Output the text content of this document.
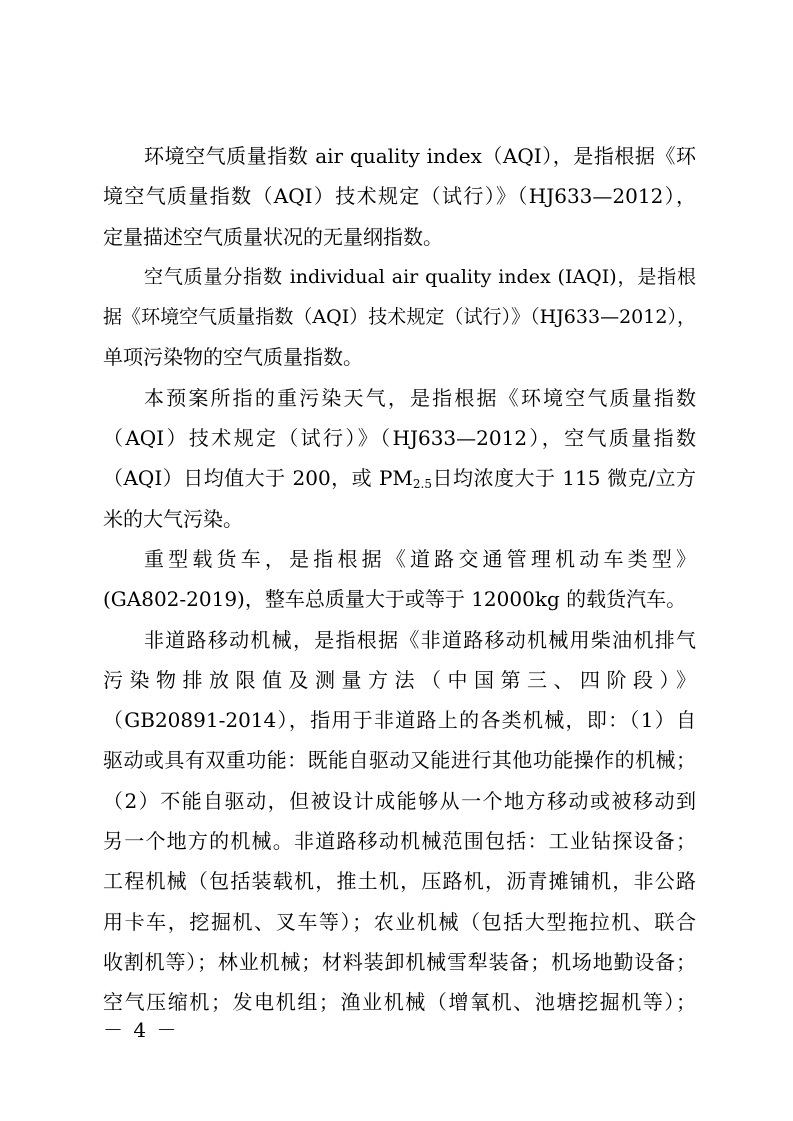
环境空气质量指数 air quality index（AQI），是指根据《环
境空气质量指数（AQI）技术规定（试行）》（HJ633—2012），
定量描述空气质量状况的无量纲指数。
空气质量分指数 individual air quality index (IAQI)，是指根
据《环境空气质量指数（AQI）技术规定（试行）》（HJ633—2012），
单项污染物的空气质量指数。
本预案所指的重污染天气，是指根据《环境空气质量指数
（AQI）技术规定（试行）》（HJ633—2012），空气质量指数
（AQI）日均值大于 200，或 $PM_{2.5}$日均浓度大于 115 微克/立方
米的大气污染。
重型载货车，是指根据《道路交通管理机动车类型》
(GA802-2019)，整车总质量大于或等于 12000kg 的载货汽车。
非道路移动机械，是指根据《非道路移动机械用柴油机排气
污染物排放限值及测量方法（中国第三、四阶段）》
（GB20891-2014），指用于非道路上的各类机械，即：（1）自
驱动或具有双重功能：既能自驱动又能进行其他功能操作的机械；
（2）不能自驱动，但被设计成能够从一个地方移动或被移动到
另一个地方的机械。非道路移动机械范围包括：工业钻探设备；
工程机械（包括装载机，推土机，压路机，沥青摊铺机，非公路
用卡车，挖掘机、叉车等）；农业机械（包括大型拖拉机、联合
收割机等）；林业机械；材料装卸机械雪犁装备；机场地勤设备；
空气压缩机；发电机组；渔业机械（增氧机、池塘挖掘机等）；
－ 4 －
